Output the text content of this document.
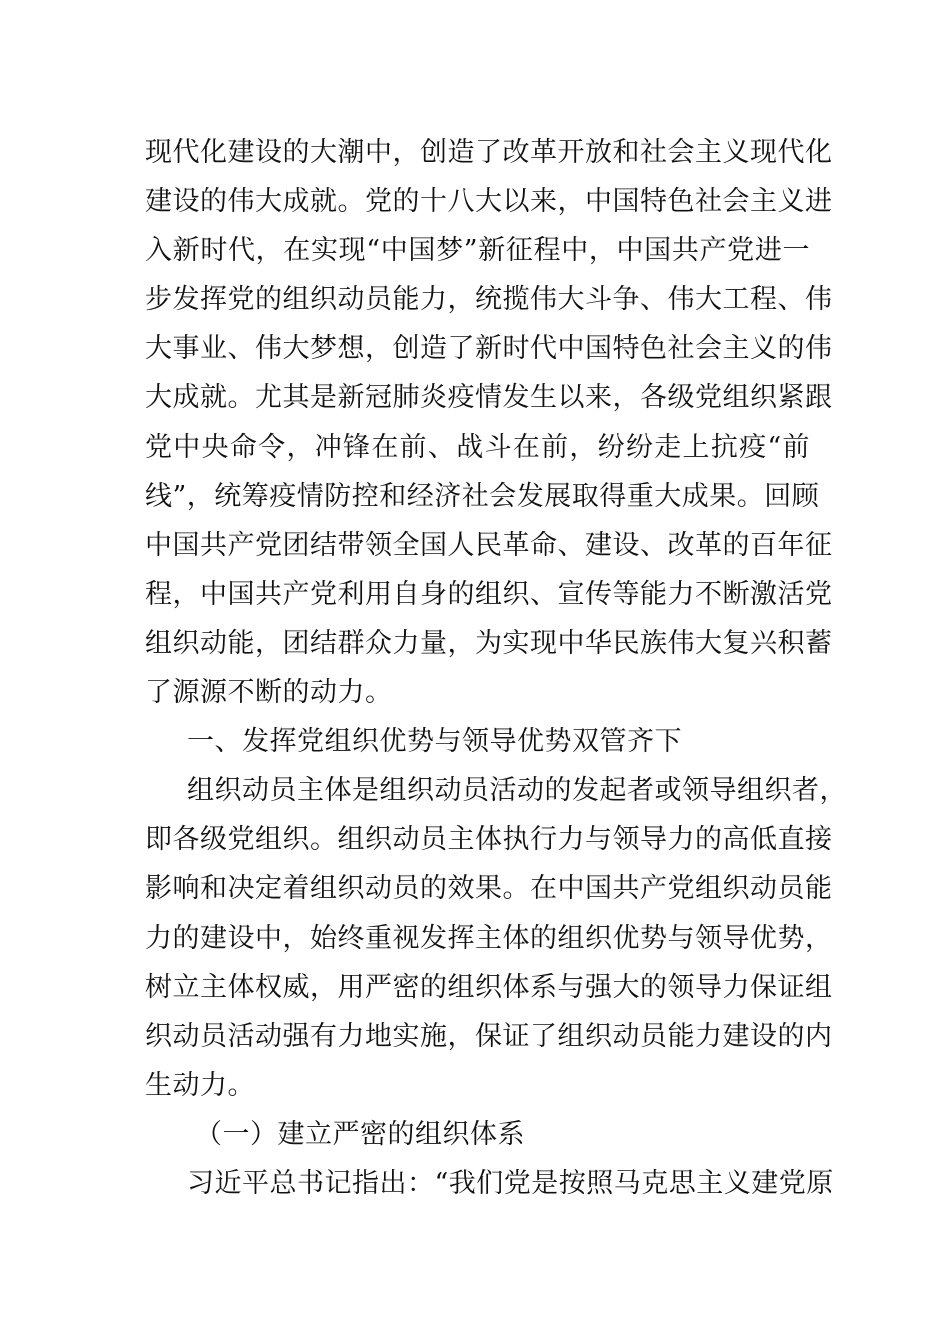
现代化建设的大潮中，创造了改革开放和社会主义现代化
建设的伟大成就。党的十八大以来，中国特色社会主义进
入新时代，在实现“中国梦”新征程中，中国共产党进一
步发挥党的组织动员能力，统揽伟大斗争、伟大工程、伟
大事业、伟大梦想，创造了新时代中国特色社会主义的伟
大成就。尤其是新冠肺炎疫情发生以来，各级党组织紧跟
党中央命令，冲锋在前、战斗在前，纷纷走上抗疫“前
线”，统筹疫情防控和经济社会发展取得重大成果。回顾
中国共产党团结带领全国人民革命、建设、改革的百年征
程，中国共产党利用自身的组织、宣传等能力不断激活党
组织动能，团结群众力量，为实现中华民族伟大复兴积蓄
了源源不断的动力。
一、发挥党组织优势与领导优势双管齐下
组织动员主体是组织动员活动的发起者或领导组织者，
即各级党组织。组织动员主体执行力与领导力的高低直接
影响和决定着组织动员的效果。在中国共产党组织动员能
力的建设中，始终重视发挥主体的组织优势与领导优势，
树立主体权威，用严密的组织体系与强大的领导力保证组
织动员活动强有力地实施，保证了组织动员能力建设的内
生动力。
（一）建立严密的组织体系
习近平总书记指出：“我们党是按照马克思主义建党原
